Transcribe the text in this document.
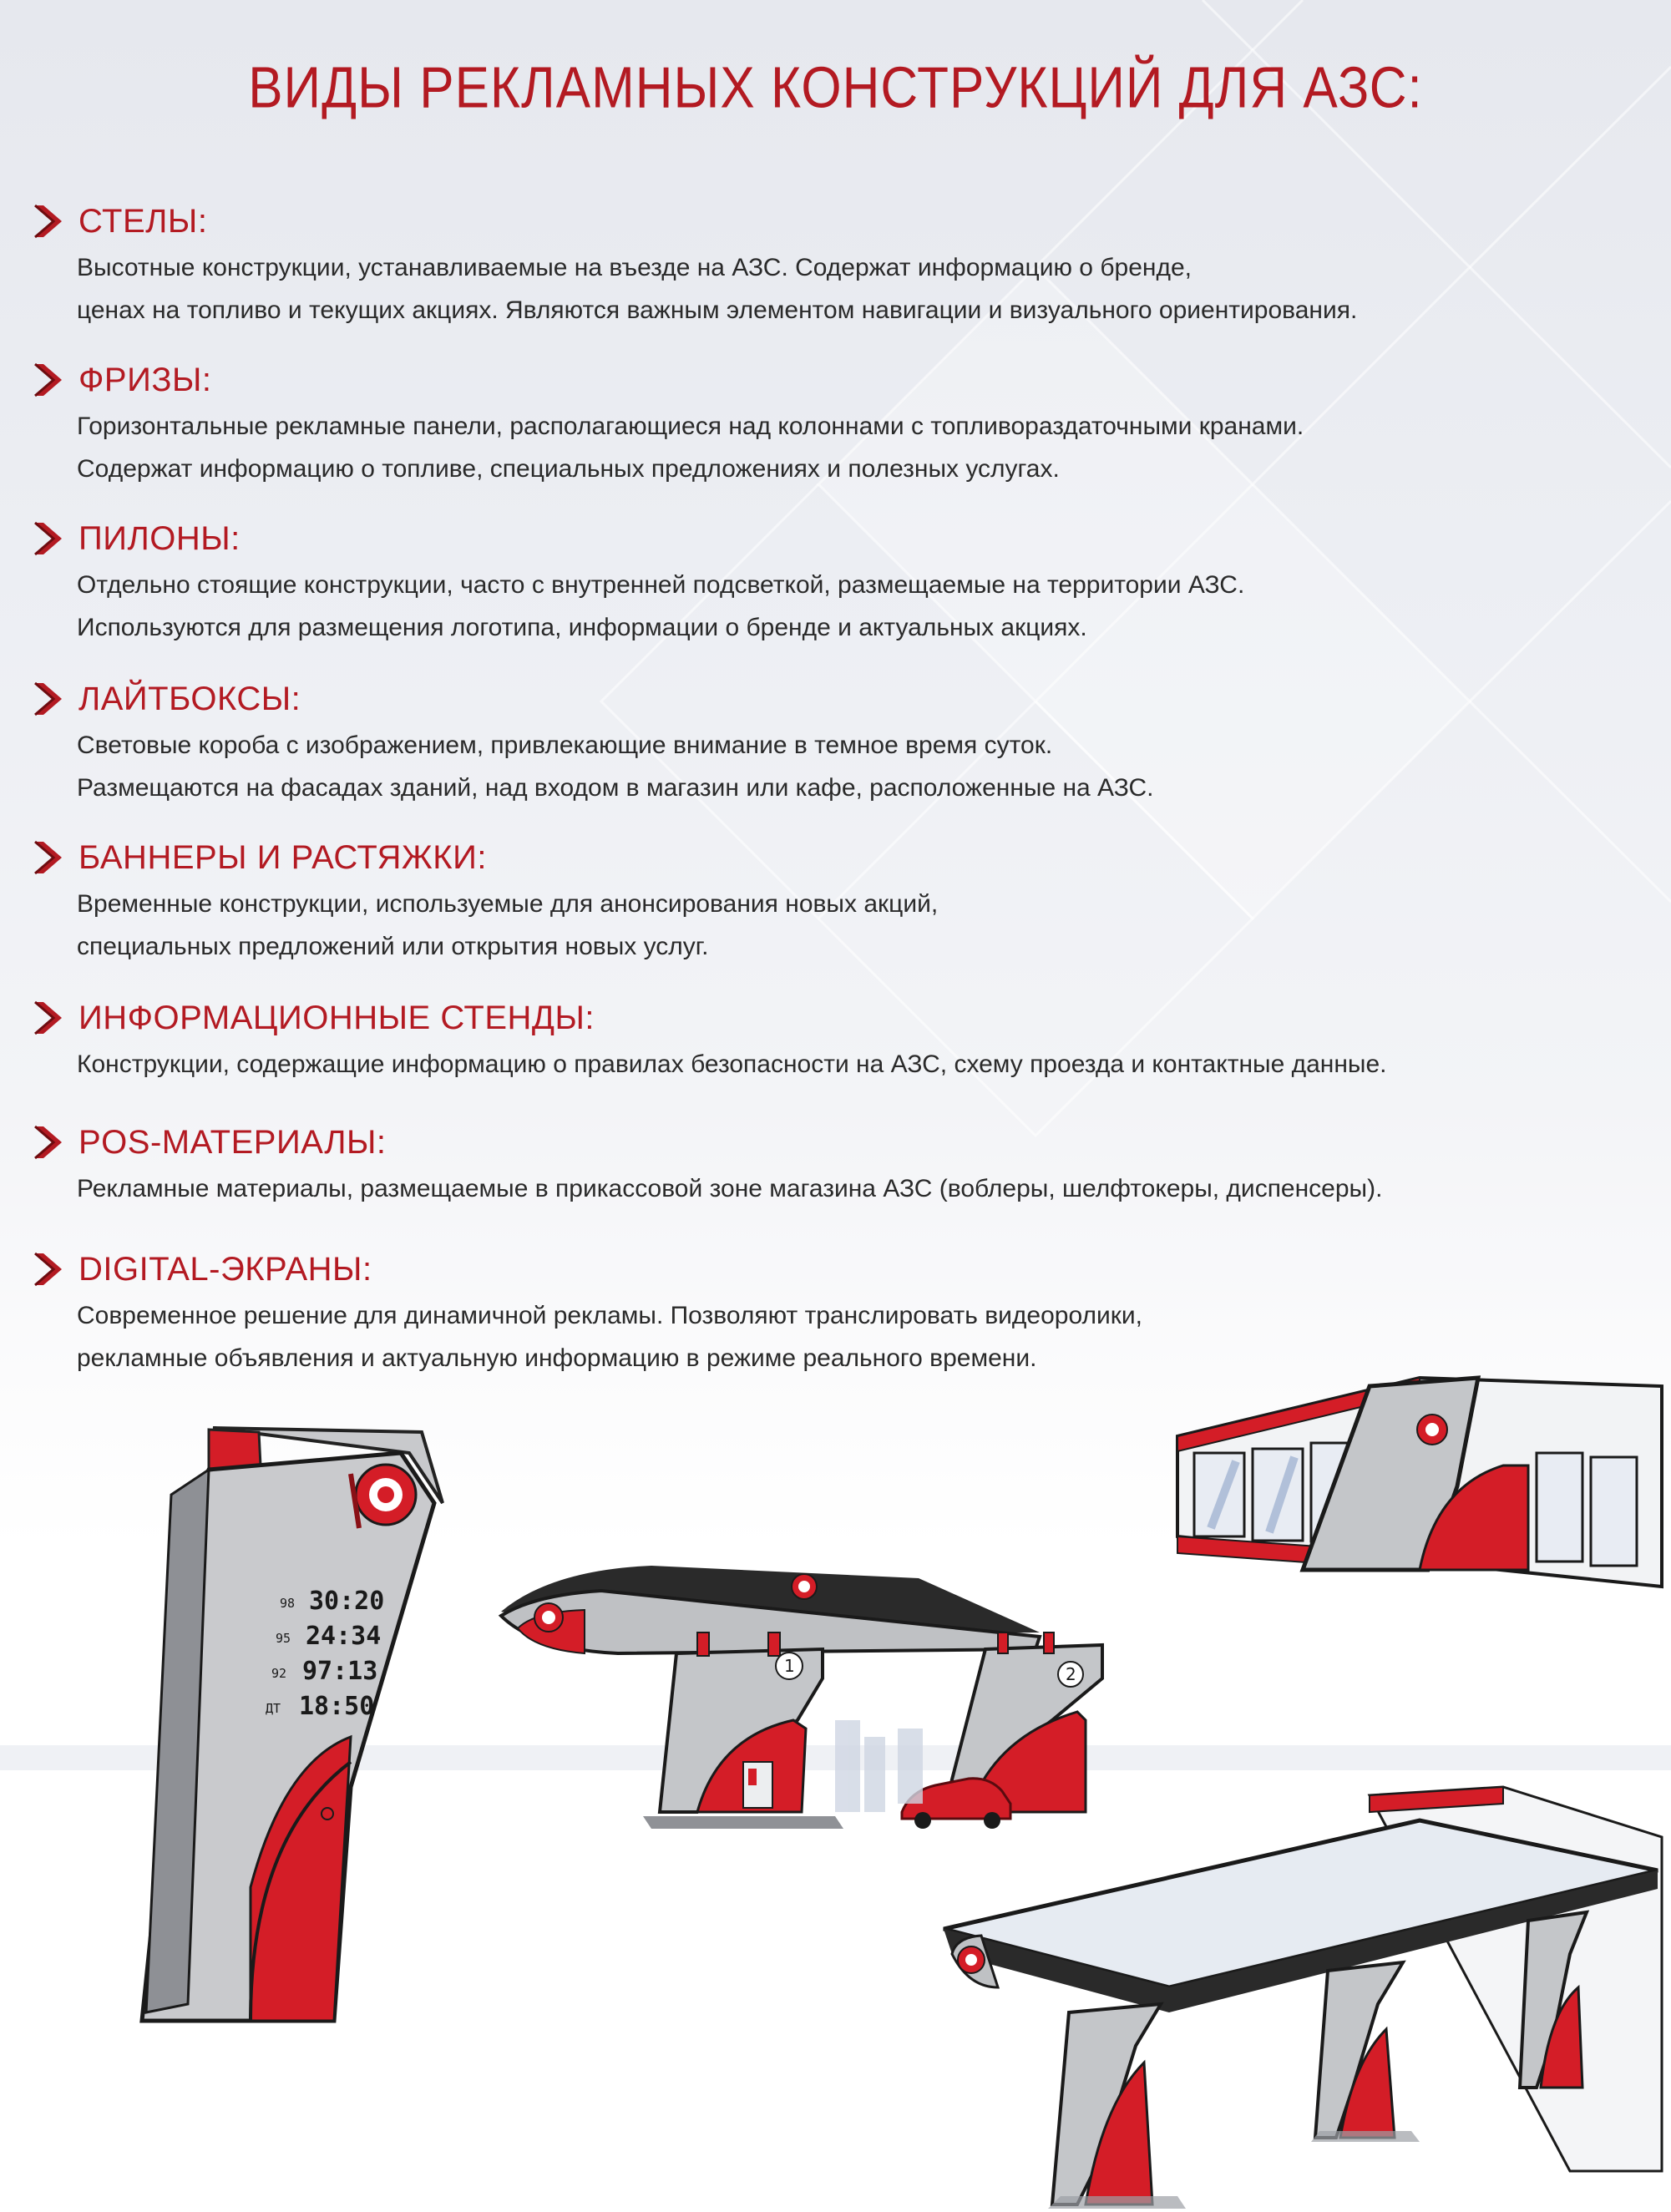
ВИДЫ РЕКЛАМНЫХ КОНСТРУКЦИЙ ДЛЯ АЗС:
СТЕЛЫ:
Высотные конструкции, устанавливаемые на въезде на АЗС. Содержат информацию о бренде,
ценах на топливо и текущих акциях. Являются важным элементом навигации и визуального ориентирования.
ФРИЗЫ:
Горизонтальные рекламные панели, располагающиеся над колоннами с топливораздаточными кранами.
Содержат информацию о топливе, специальных предложениях и полезных услугах.
ПИЛОНЫ:
Отдельно стоящие конструкции, часто с внутренней подсветкой, размещаемые на территории АЗС.
Используются для размещения логотипа, информации о бренде и актуальных акциях.
ЛАЙТБОКСЫ:
Световые короба с изображением, привлекающие внимание в темное время суток.
Размещаются на фасадах зданий, над входом в магазин или кафе, расположенные на АЗС.
БАННЕРЫ И РАСТЯЖКИ:
Временные конструкции, используемые для анонсирования новых акций,
специальных предложений или открытия новых услуг.
ИНФОРМАЦИОННЫЕ СТЕНДЫ:
Конструкции, содержащие информацию о правилах безопасности на АЗС, схему проезда и контактные данные.
POS-МАТЕРИАЛЫ:
Рекламные материалы, размещаемые в прикассовой зоне магазина АЗС (воблеры, шелфтокеры, диспенсеры).
DIGITAL-ЭКРАНЫ:
Современное решение для динамичной рекламы. Позволяют транслировать видеоролики,
рекламные объявления и актуальную информацию в режиме реального времени.
98 30:20
95 24:34
92 97:13
ДТ 18:50
1	2
